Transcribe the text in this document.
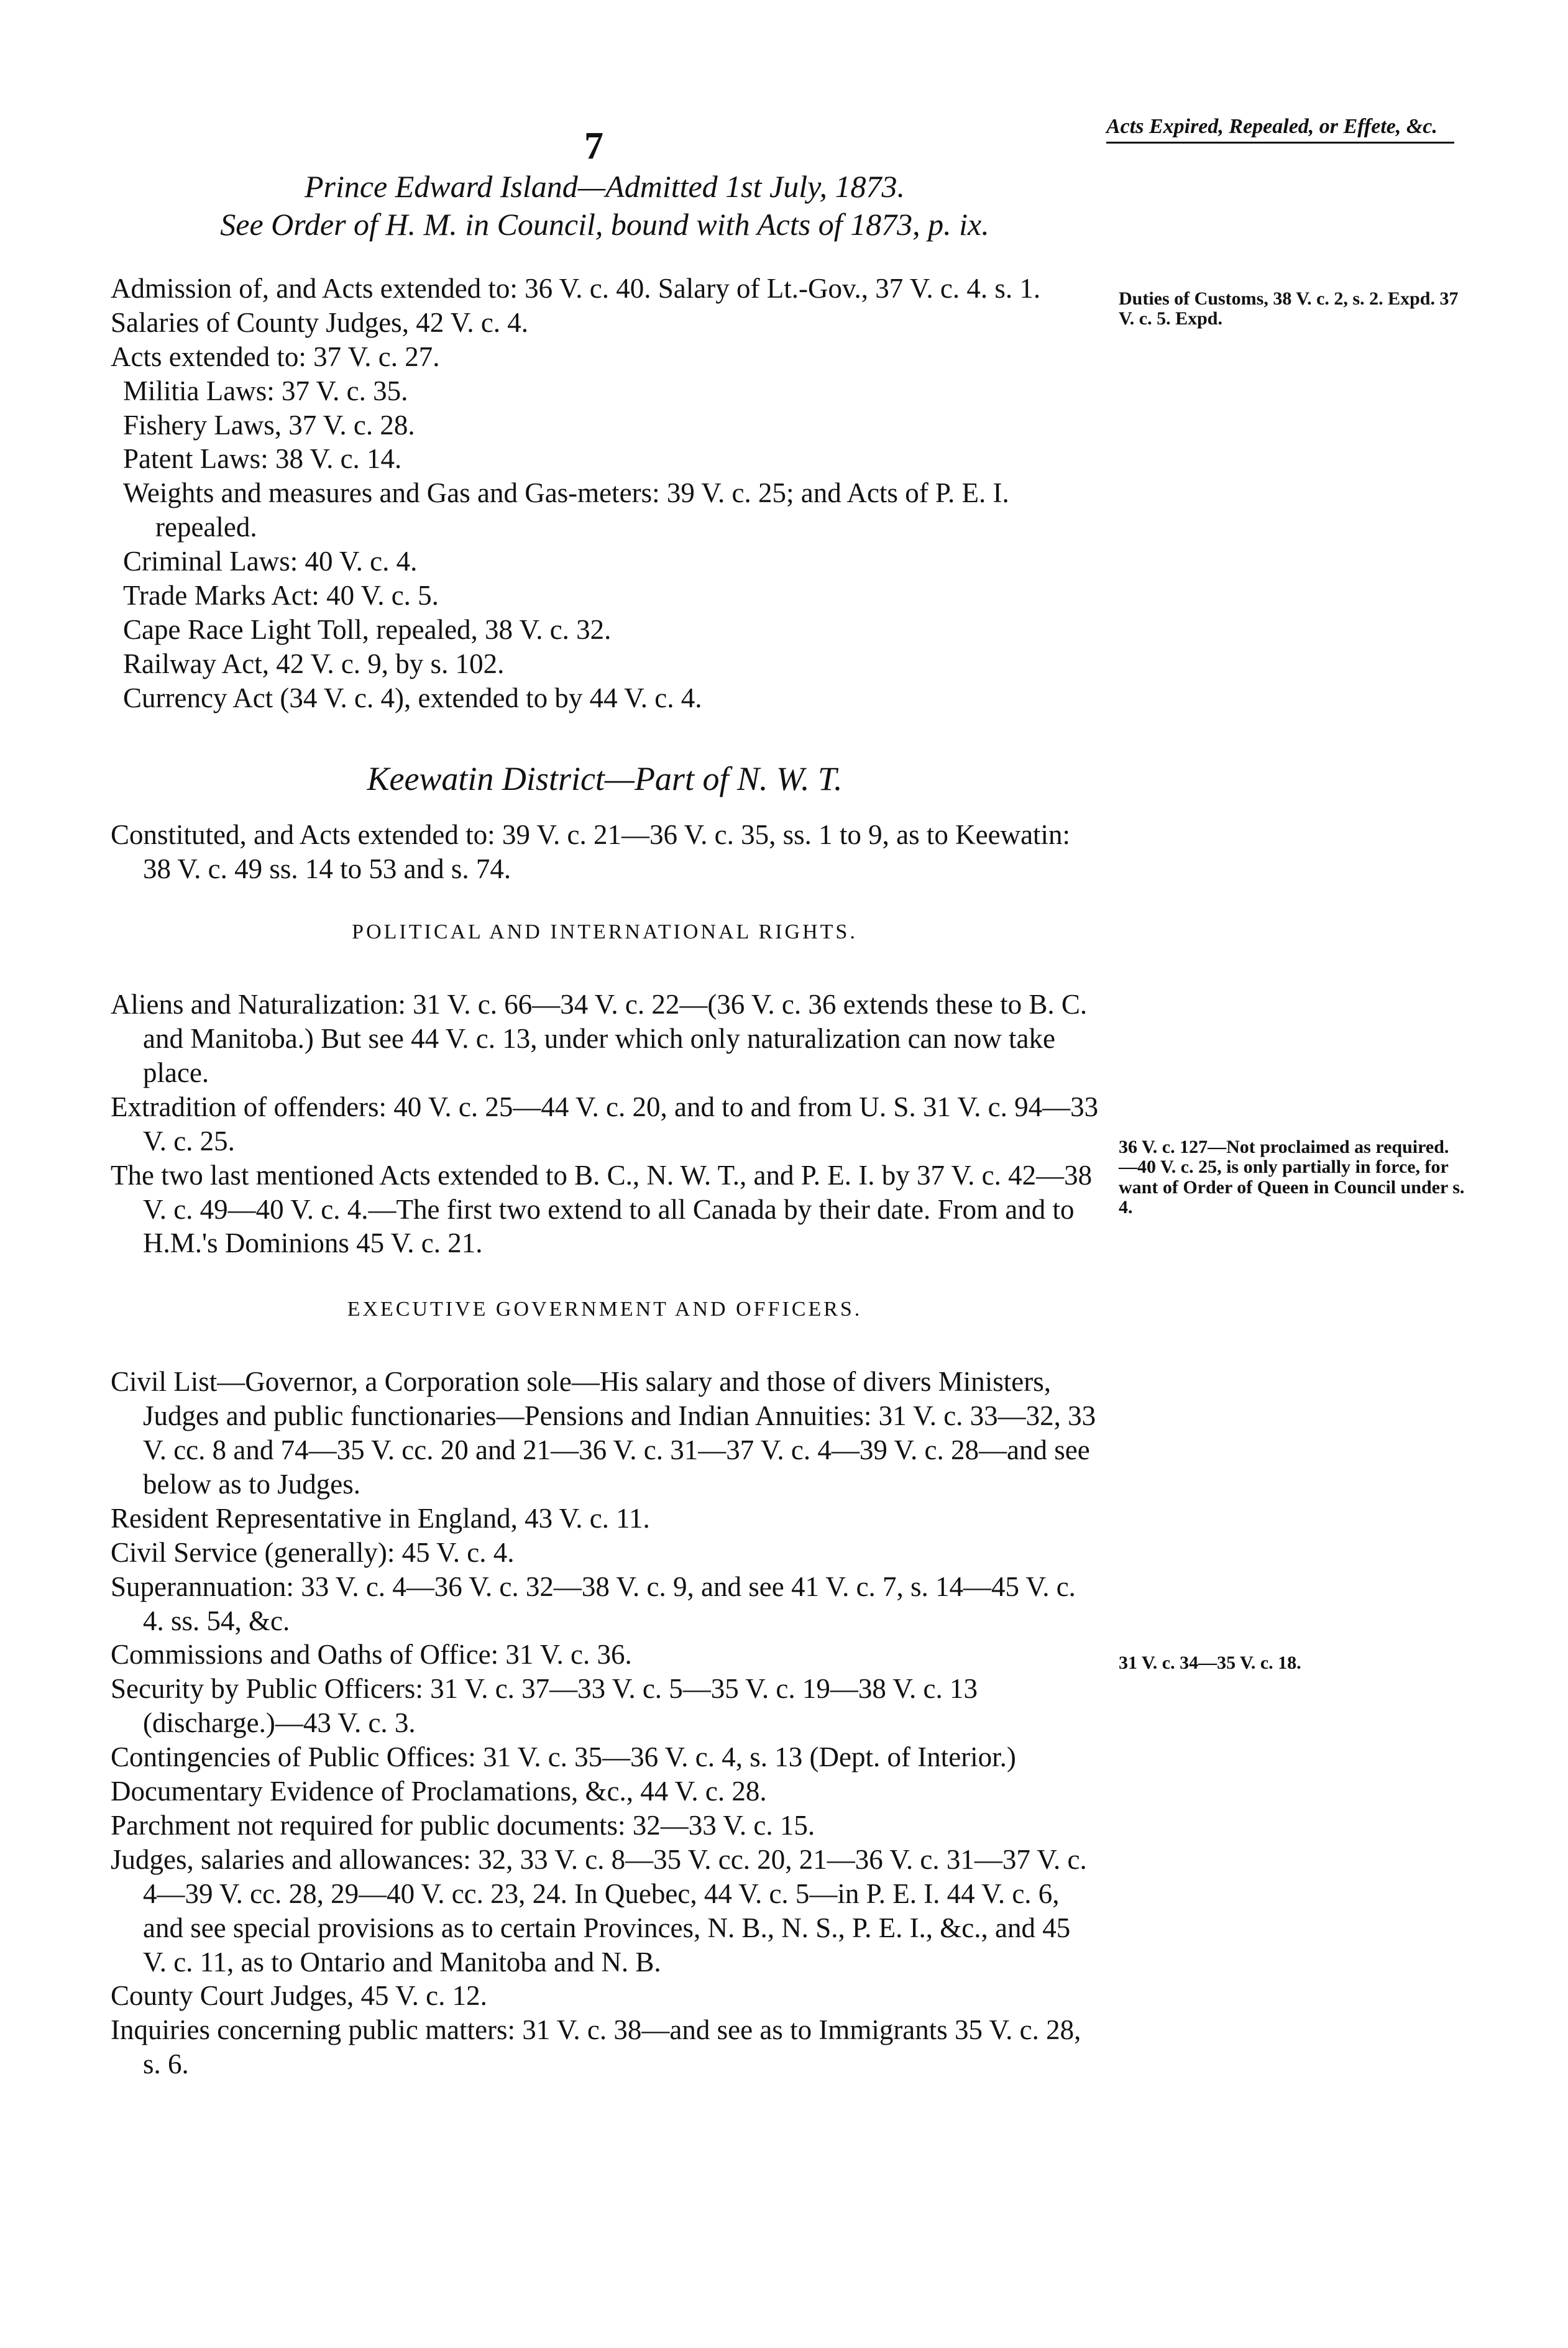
7	Acts Expired, Repealed, or Effete, &c.
Prince Edward Island—Admitted 1st July, 1873.
See Order of H. M. in Council, bound with Acts of 1873, p. ix.

Admission of, and Acts extended to: 36 V. c. 40. Salary of Lt.-Gov., 37 V. c. 4. s. 1.

Salaries of County Judges, 42 V. c. 4.

Acts extended to: 37 V. c. 27.

Militia Laws: 37 V. c. 35.

Fishery Laws, 37 V. c. 28.

Patent Laws: 38 V. c. 14.

Weights and measures and Gas and Gas-meters: 39 V. c. 25; and Acts of P. E. I. repealed.

Criminal Laws: 40 V. c. 4.

Trade Marks Act: 40 V. c. 5.

Cape Race Light Toll, repealed, 38 V. c. 32.

Railway Act, 42 V. c. 9, by s. 102.

Currency Act (34 V. c. 4), extended to by 44 V. c. 4.

Keewatin District—Part of N. W. T.

Constituted, and Acts extended to: 39 V. c. 21—36 V. c. 35, ss. 1 to 9, as to Keewatin: 38 V. c. 49 ss. 14 to 53 and s. 74.

POLITICAL AND INTERNATIONAL RIGHTS.

Aliens and Naturalization: 31 V. c. 66—34 V. c. 22—(36 V. c. 36 extends these to B. C. and Manitoba.) But see 44 V. c. 13, under which only naturalization can now take place.

Extradition of offenders: 40 V. c. 25—44 V. c. 20, and to and from U. S. 31 V. c. 94—33 V. c. 25.

The two last mentioned Acts extended to B. C., N. W. T., and P. E. I. by 37 V. c. 42—38 V. c. 49—40 V. c. 4.—The first two extend to all Canada by their date. From and to H.M.'s Dominions 45 V. c. 21.

EXECUTIVE GOVERNMENT AND OFFICERS.

Civil List—Governor, a Corporation sole—His salary and those of divers Ministers, Judges and public functionaries—Pensions and Indian Annuities: 31 V. c. 33—32, 33 V. cc. 8 and 74—35 V. cc. 20 and 21—36 V. c. 31—37 V. c. 4—39 V. c. 28—and see below as to Judges.

Resident Representative in England, 43 V. c. 11.

Civil Service (generally): 45 V. c. 4.

Superannuation: 33 V. c. 4—36 V. c. 32—38 V. c. 9, and see 41 V. c. 7, s. 14—45 V. c. 4. ss. 54, &c.

Commissions and Oaths of Office: 31 V. c. 36.

Security by Public Officers: 31 V. c. 37—33 V. c. 5—35 V. c. 19—38 V. c. 13 (discharge.)—43 V. c. 3.

Contingencies of Public Offices: 31 V. c. 35—36 V. c. 4, s. 13 (Dept. of Interior.)

Documentary Evidence of Proclamations, &c., 44 V. c. 28.

Parchment not required for public documents: 32—33 V. c. 15.

Judges, salaries and allowances: 32, 33 V. c. 8—35 V. cc. 20, 21—36 V. c. 31—37 V. c. 4—39 V. cc. 28, 29—40 V. cc. 23, 24. In Quebec, 44 V. c. 5—in P. E. I. 44 V. c. 6, and see special provisions as to certain Provinces, N. B., N. S., P. E. I., &c., and 45 V. c. 11, as to Ontario and Manitoba and N. B.

County Court Judges, 45 V. c. 12.

Inquiries concerning public matters: 31 V. c. 38—and see as to Immigrants 35 V. c. 28, s. 6.

Duties of Customs, 38 V. c. 2, s. 2. Expd. 37 V. c. 5. Expd.
36 V. c. 127—Not proclaimed as required.—40 V. c. 25, is only partially in force, for want of Order of Queen in Council under s. 4.
31 V. c. 34—35 V. c. 18.
